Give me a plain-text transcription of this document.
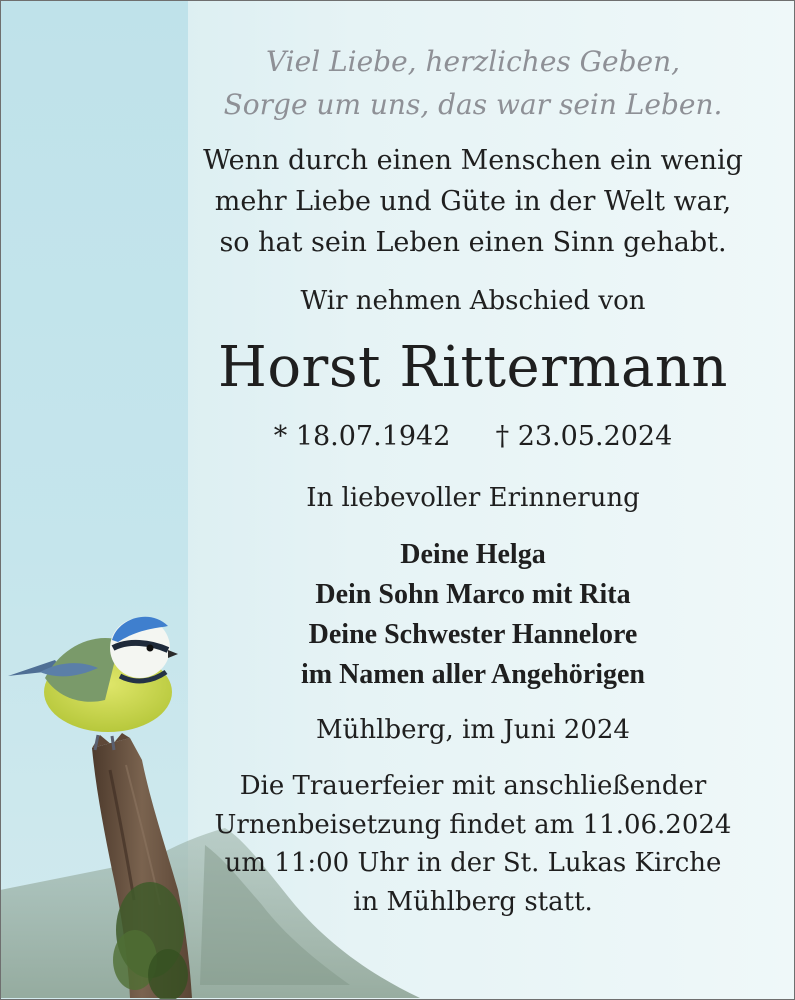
Viel Liebe, herzliches Geben,
Sorge um uns, das war sein Leben.
Wenn durch einen Menschen ein wenig
mehr Liebe und Güte in der Welt war,
so hat sein Leben einen Sinn gehabt.
Wir nehmen Abschied von
Horst Rittermann
* 18.07.1942 † 23.05.2024
In liebevoller Erinnerung
Deine Helga
Dein Sohn Marco mit Rita
Deine Schwester Hannelore
im Namen aller Angehörigen
Mühlberg, im Juni 2024
Die Trauerfeier mit anschließender
Urnenbeisetzung findet am 11.06.2024
um 11:00 Uhr in der St. Lukas Kirche
in Mühlberg statt.
